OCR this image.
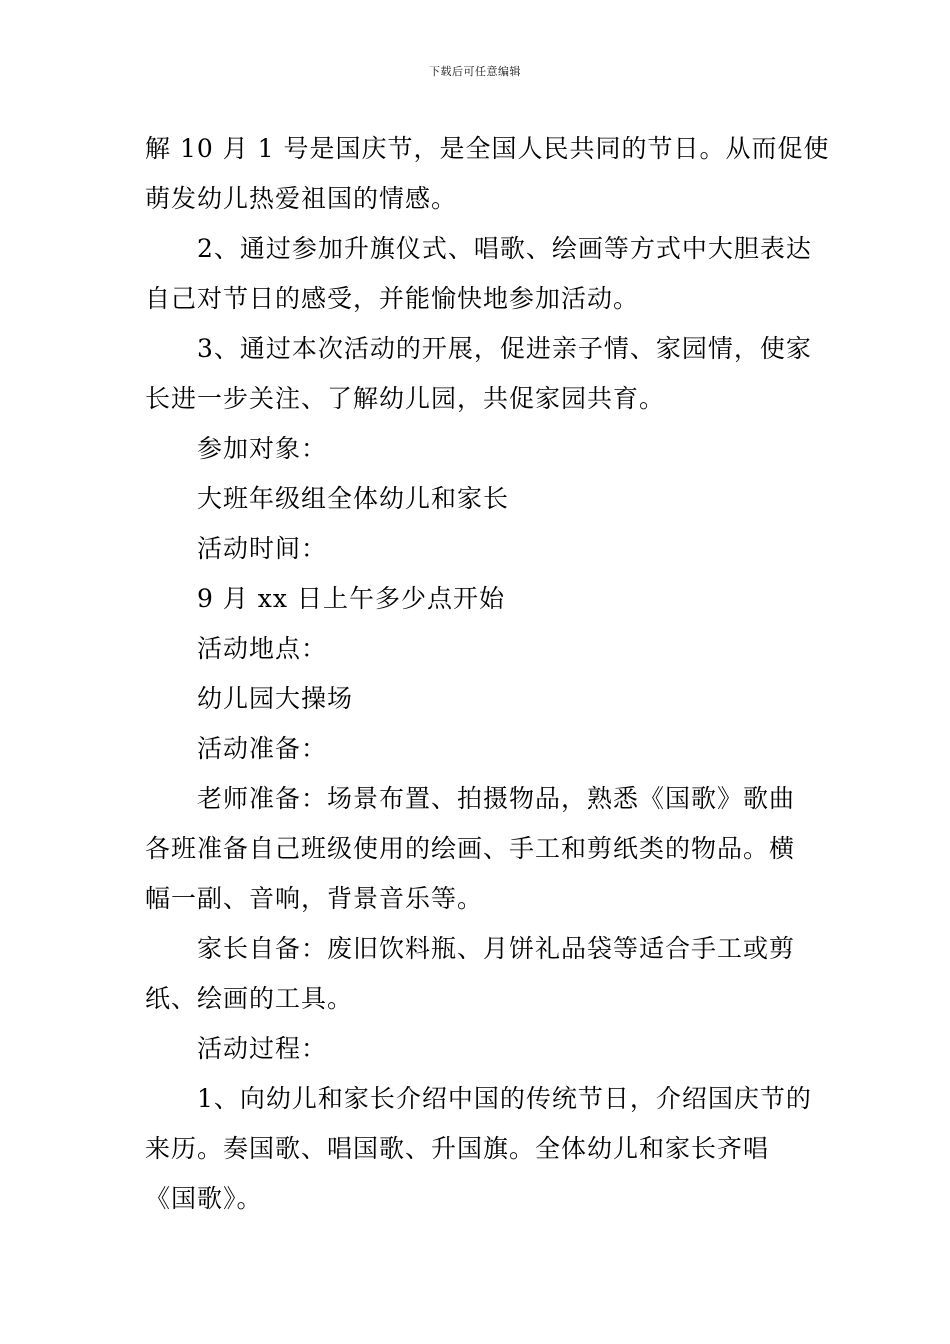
下载后可任意编辑
解 10 月 1 号是国庆节，是全国人民共同的节日。从而促使
萌发幼儿热爱祖国的情感。
2、通过参加升旗仪式、唱歌、绘画等方式中大胆表达
自己对节日的感受，并能愉快地参加活动。
3、通过本次活动的开展，促进亲子情、家园情，使家
长进一步关注、了解幼儿园，共促家园共育。
参加对象：
大班年级组全体幼儿和家长
活动时间：
9 月 xx 日上午多少点开始
活动地点：
幼儿园大操场
活动准备：
老师准备：场景布置、拍摄物品，熟悉《国歌》歌曲
各班准备自己班级使用的绘画、手工和剪纸类的物品。横
幅一副、音响，背景音乐等。
家长自备：废旧饮料瓶、月饼礼品袋等适合手工或剪
纸、绘画的工具。
活动过程：
1、向幼儿和家长介绍中国的传统节日，介绍国庆节的
来历。奏国歌、唱国歌、升国旗。全体幼儿和家长齐唱
《国歌》。
